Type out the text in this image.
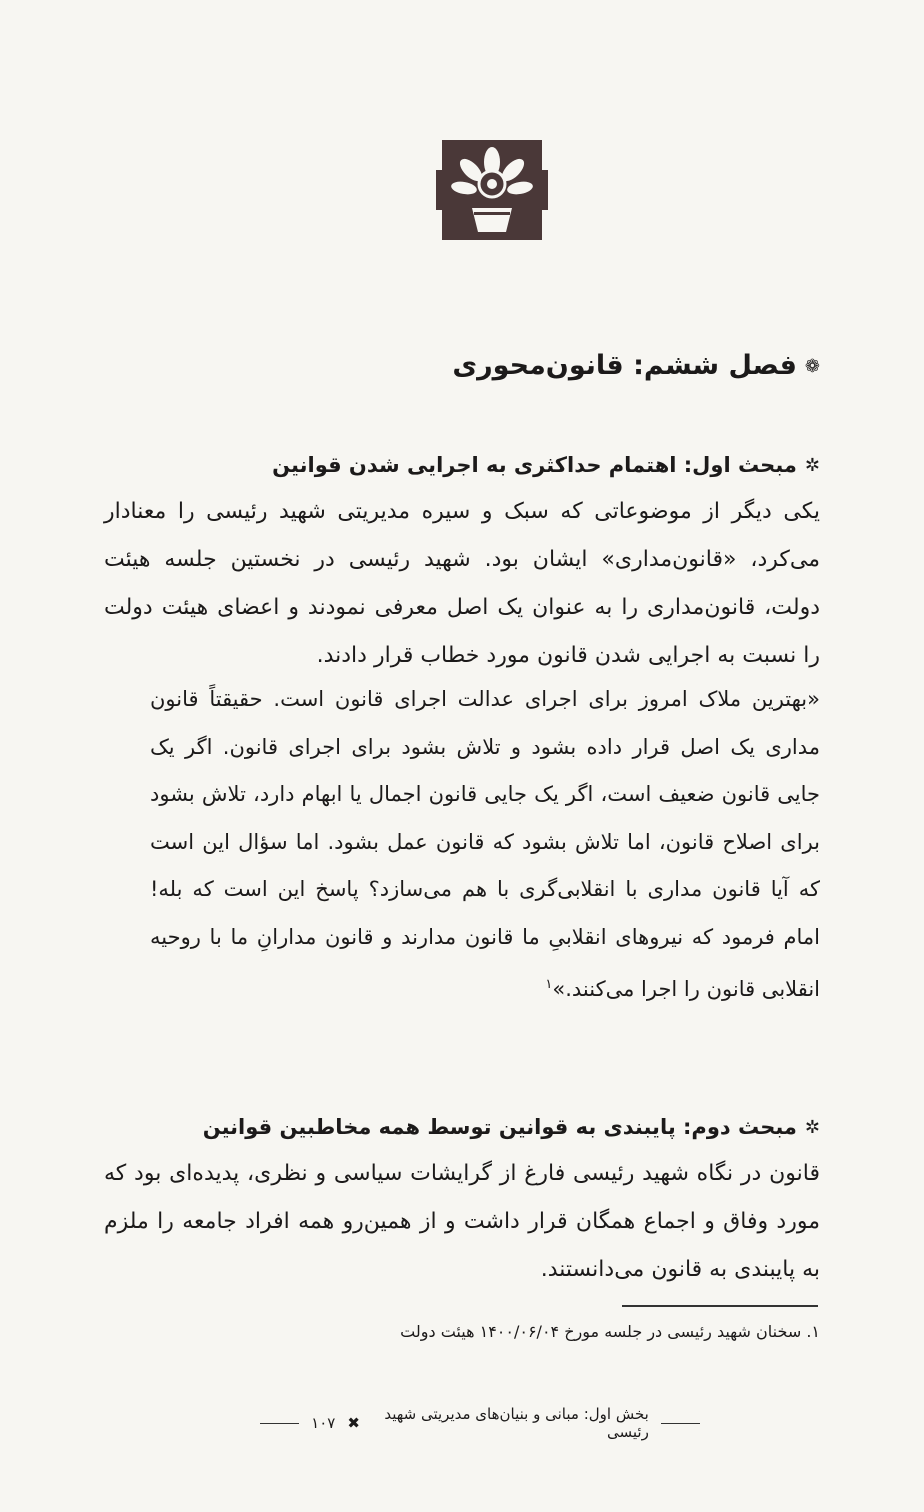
❁فصل ششم: قانون‌محوری
✲مبحث اول: اهتمام حداکثری به اجرایی شدن قوانین
یکی دیگر از موضوعاتی که سبک و سیره مدیریتی شهید رئیسی را معنادار می‌کرد، «قانون‌مداری» ایشان بود. شهید رئیسی در نخستین جلسه هیئت دولت، قانون‌مداری را به عنوان یک اصل معرفی نمودند و اعضای هیئت دولت را نسبت به اجرایی شدن قانون مورد خطاب قرار دادند.
«بهترین ملاک امروز برای اجرای عدالت اجرای قانون است. حقیقتاً قانون مداری یک اصل قرار داده بشود و تلاش بشود برای اجرای قانون. اگر یک جایی قانون ضعیف است، اگر یک جایی قانون اجمال یا ابهام دارد، تلاش بشود برای اصلاح قانون، اما تلاش بشود که قانون عمل بشود. اما سؤال این است که آیا قانون مداری با انقلابی‌گری با هم می‌سازد؟ پاسخ این است که بله! امام فرمود که نیروهای انقلابیِ ما قانون مدارند و قانون مدارانِ ما با روحیه انقلابی قانون را اجرا می‌کنند.»$^۱$
✲مبحث دوم: پایبندی به قوانین توسط همه مخاطبین قوانین
قانون در نگاه شهید رئیسی فارغ از گرایشات سیاسی و نظری، پدیده‌ای بود که مورد وفاق و اجماع همگان قرار داشت و از همین‌رو همه افراد جامعه را ملزم به پایبندی به قانون می‌دانستند.
۱. سخنان شهید رئیسی در جلسه مورخ ۱۴۰۰/۰۶/۰۴ هیئت دولت
بخش اول: مبانی و بنیان‌های مدیریتی شهید رئیسی
✖
۱۰۷
